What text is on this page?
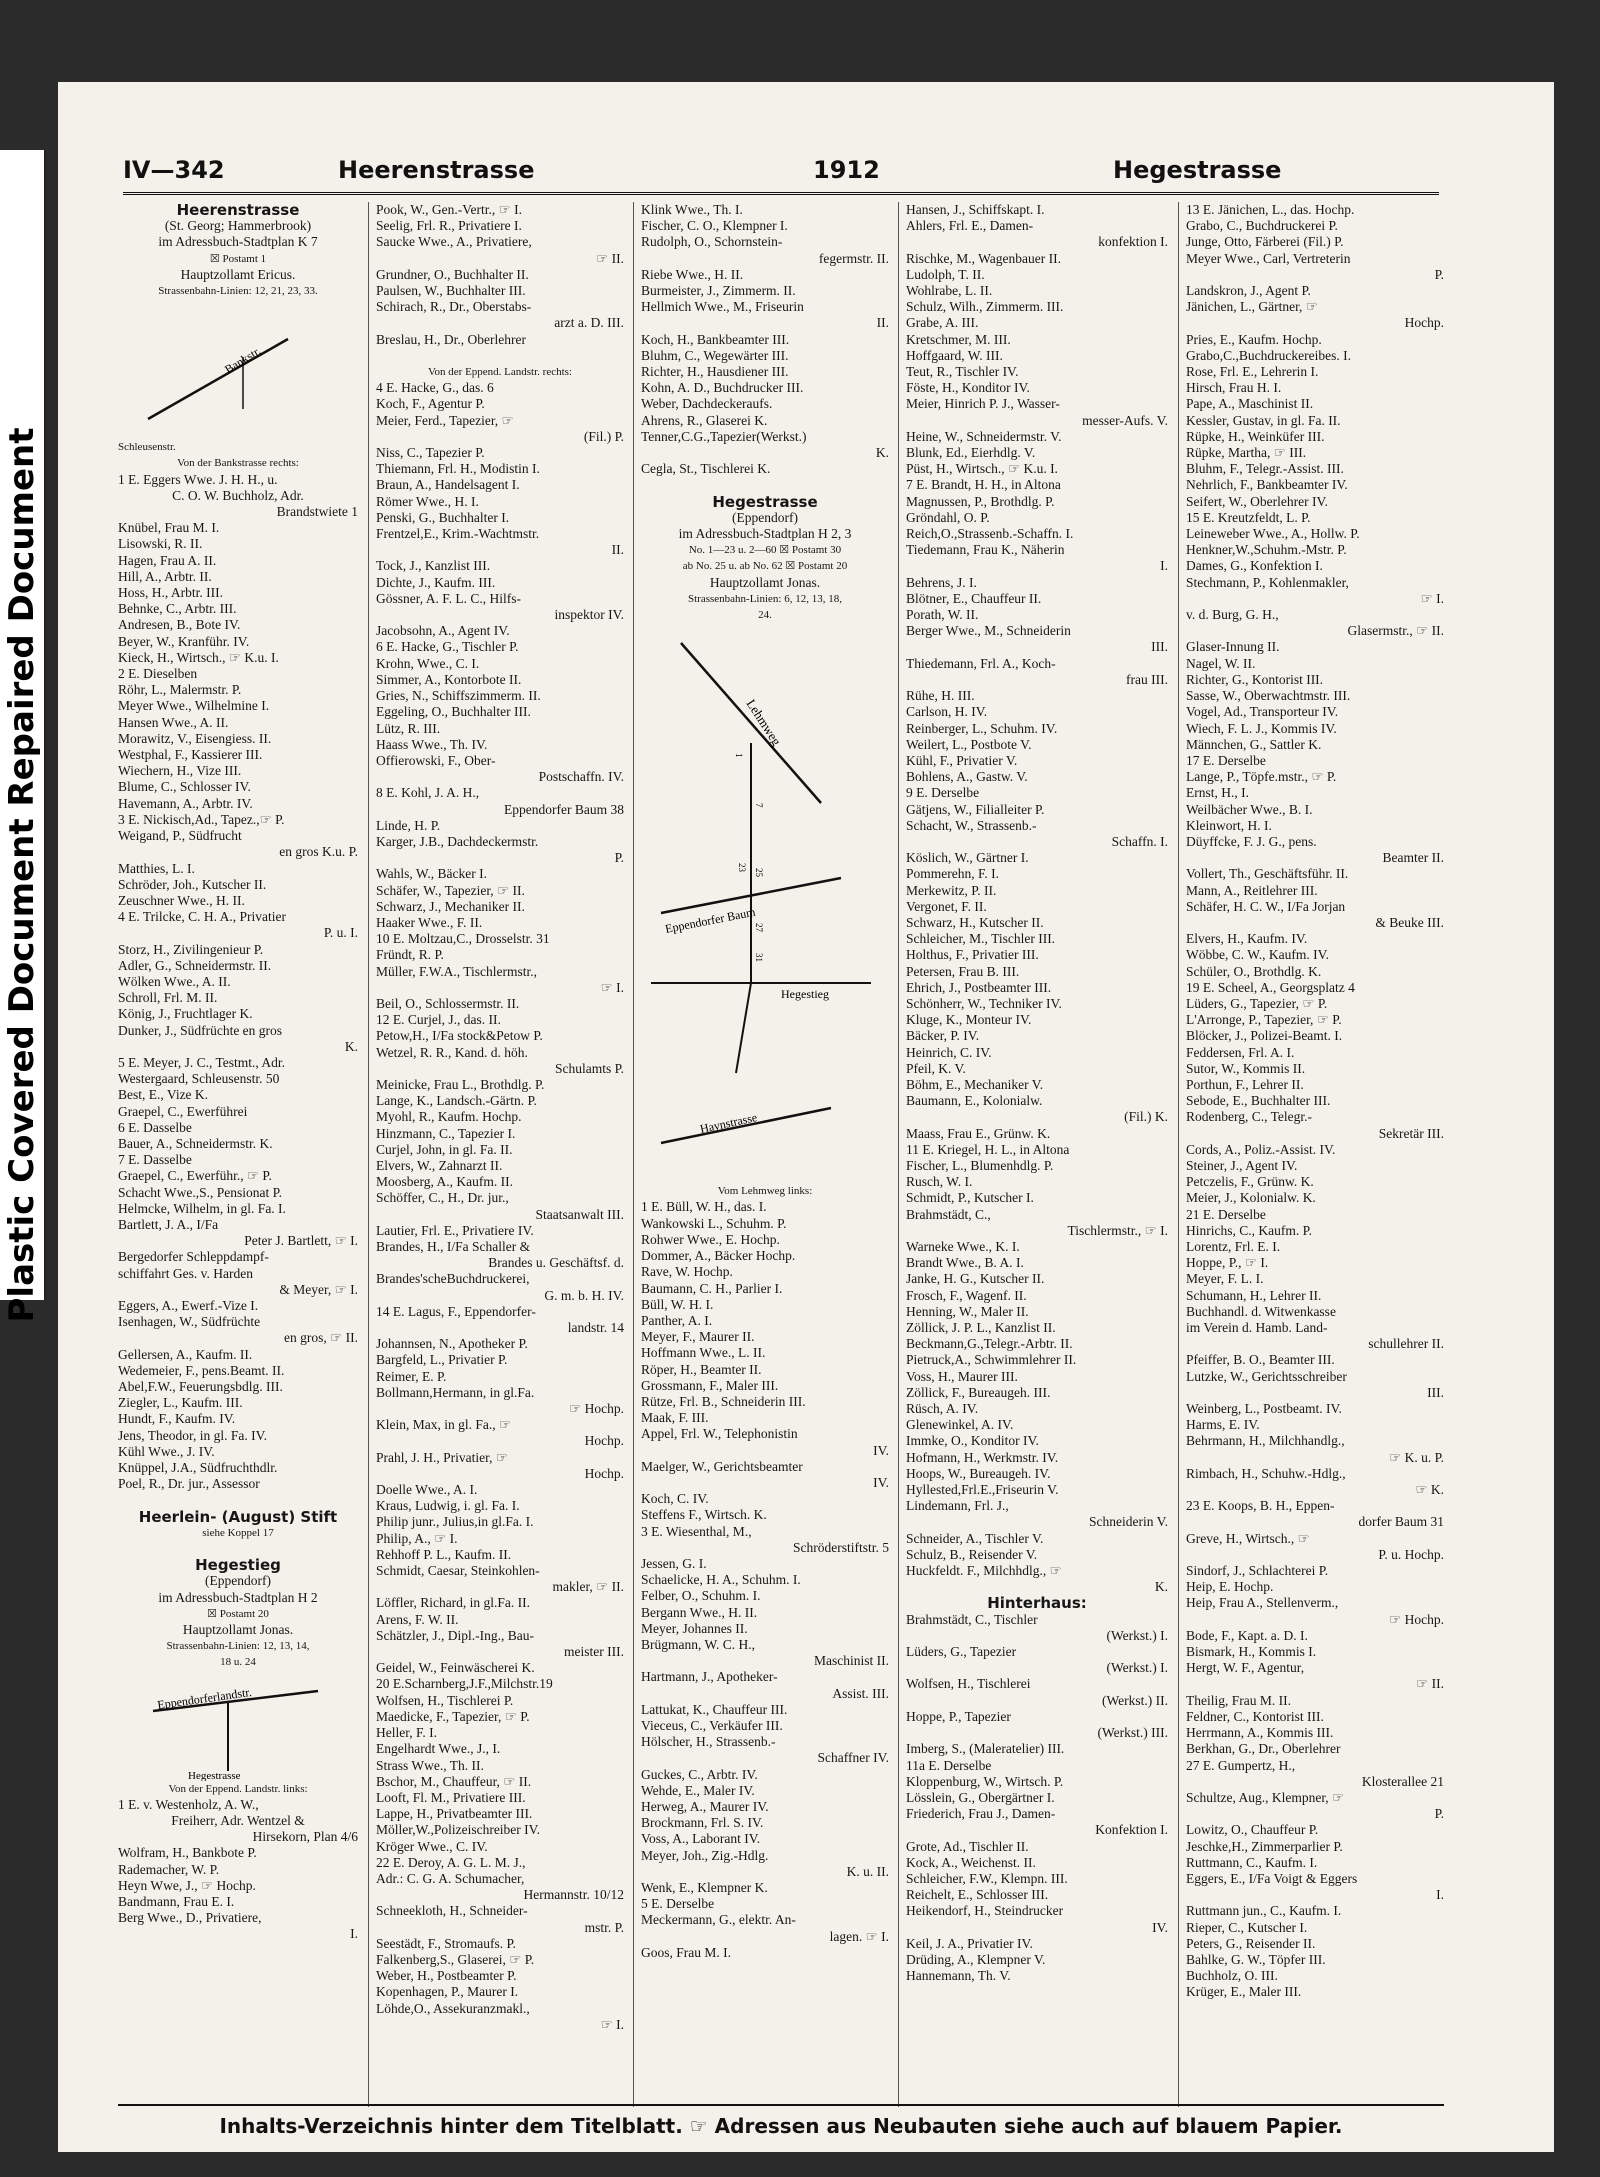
Plastic Covered Document Repaired Document
IV—342	Heerenstrasse	1912	Hegestrasse
Heerenstrasse
(St. Georg; Hammerbrook)
im Adressbuch-Stadtplan K 7
☒ Postamt 1
Hauptzollamt Ericus.
Strassenbahn-Linien: 12, 21, 23, 33.
Bankstr.
Schleusenstr.
Von der Bankstrasse rechts:
1 E. Eggers Wwe. J. H. H., u.
C. O. W. Buchholz, Adr.
Brandstwiete 1
Knübel, Frau M. I.
Lisowski, R. II.
Hagen, Frau A. II.
Hill, A., Arbtr. II.
Hoss, H., Arbtr. III.
Behnke, C., Arbtr. III.
Andresen, B., Bote IV.
Beyer, W., Kranführ. IV.
Kieck, H., Wirtsch., ☞ K.u. I.
2 E. Dieselben
Röhr, L., Malermstr. P.
Meyer Wwe., Wilhelmine I.
Hansen Wwe., A. II.
Morawitz, V., Eisengiess. II.
Westphal, F., Kassierer III.
Wiechern, H., Vize III.
Blume, C., Schlosser IV.
Havemann, A., Arbtr. IV.
3 E. Nickisch,Ad., Tapez.,☞ P.
Weigand, P., Südfrucht
en gros K.u. P.
Matthies, L. I.
Schröder, Joh., Kutscher II.
Zeuschner Wwe., H. II.
4 E. Trilcke, C. H. A., Privatier
P. u. I.
Storz, H., Zivilingenieur P.
Adler, G., Schneidermstr. II.
Wölken Wwe., A. II.
Schroll, Frl. M. II.
König, J., Fruchtlager K.
Dunker, J., Südfrüchte en gros
K.
5 E. Meyer, J. C., Testmt., Adr.
Westergaard, Schleusenstr. 50
Best, E., Vize K.
Graepel, C., Ewerführei
6 E. Dasselbe
Bauer, A., Schneidermstr. K.
7 E. Dasselbe
Graepel, C., Ewerführ., ☞ P.
Schacht Wwe.,S., Pensionat P.
Helmcke, Wilhelm, in gl. Fa. I.
Bartlett, J. A., I/Fa
Peter J. Bartlett, ☞ I.
Bergedorfer Schleppdampf-
schiffahrt Ges. v. Harden
& Meyer, ☞ I.
Eggers, A., Ewerf.-Vize I.
Isenhagen, W., Südfrüchte
en gros, ☞ II.
Gellersen, A., Kaufm. II.
Wedemeier, F., pens.Beamt. II.
Abel,F.W., Feuerungsbdlg. III.
Ziegler, L., Kaufm. III.
Hundt, F., Kaufm. IV.
Jens, Theodor, in gl. Fa. IV.
Kühl Wwe., J. IV.
Knüppel, J.A., Südfruchthdlr.
Poel, R., Dr. jur., Assessor

Heerlein- (August) Stift
siehe Koppel 17

Hegestieg
(Eppendorf)
im Adressbuch-Stadtplan H 2
☒ Postamt 20
Hauptzollamt Jonas.
Strassenbahn-Linien: 12, 13, 14,
18 u. 24
Eppendorferlandstr.
Hegestrasse
Von der Eppend. Landstr. links:
1 E. v. Westenholz, A. W.,
Freiherr, Adr. Wentzel &
Hirsekorn, Plan 4/6
Wolfram, H., Bankbote P.
Rademacher, W. P.
Heyn Wwe, J., ☞ Hochp.
Bandmann, Frau E. I.
Berg Wwe., D., Privatiere,
I.
Pook, W., Gen.-Vertr., ☞ I.
Seelig, Frl. R., Privatiere I.
Saucke Wwe., A., Privatiere,
☞ II.
Grundner, O., Buchhalter II.
Paulsen, W., Buchhalter III.
Schirach, R., Dr., Oberstabs-
arzt a. D. III.
Breslau, H., Dr., Oberlehrer

Von der Eppend. Landstr. rechts:
4 E. Hacke, G., das. 6
Koch, F., Agentur P.
Meier, Ferd., Tapezier, ☞
(Fil.) P.
Niss, C., Tapezier P.
Thiemann, Frl. H., Modistin I.
Braun, A., Handelsagent I.
Römer Wwe., H. I.
Penski, G., Buchhalter I.
Frentzel,E., Krim.-Wachtmstr.
II.
Tock, J., Kanzlist III.
Dichte, J., Kaufm. III.
Gössner, A. F. L. C., Hilfs-
inspektor IV.
Jacobsohn, A., Agent IV.
6 E. Hacke, G., Tischler P.
Krohn, Wwe., C. I.
Simmer, A., Kontorbote II.
Gries, N., Schiffszimmerm. II.
Eggeling, O., Buchhalter III.
Lütz, R. III.
Haass Wwe., Th. IV.
Offierowski, F., Ober-
Postschaffn. IV.
8 E. Kohl, J. A. H.,
Eppendorfer Baum 38
Linde, H. P.
Karger, J.B., Dachdeckermstr.
P.
Wahls, W., Bäcker I.
Schäfer, W., Tapezier, ☞ II.
Schwarz, J., Mechaniker II.
Haaker Wwe., F. II.
10 E. Moltzau,C., Drosselstr. 31
Fründt, R. P.
Müller, F.W.A., Tischlermstr.,
☞ I.
Beil, O., Schlossermstr. II.
12 E. Curjel, J., das. II.
Petow,H., I/Fa stock&Petow P.
Wetzel, R. R., Kand. d. höh.
Schulamts P.
Meinicke, Frau L., Brothdlg. P.
Lange, K., Landsch.-Gärtn. P.
Myohl, R., Kaufm. Hochp.
Hinzmann, C., Tapezier I.
Curjel, John, in gl. Fa. II.
Elvers, W., Zahnarzt II.
Moosberg, A., Kaufm. II.
Schöffer, C., H., Dr. jur.,
Staatsanwalt III.
Lautier, Frl. E., Privatiere IV.
Brandes, H., I/Fa Schaller &
Brandes u. Geschäftsf. d.
Brandes'scheBuchdruckerei,
G. m. b. H. IV.
14 E. Lagus, F., Eppendorfer-
landstr. 14
Johannsen, N., Apotheker P.
Bargfeld, L., Privatier P.
Reimer, E. P.
Bollmann,Hermann, in gl.Fa.
☞ Hochp.
Klein, Max, in gl. Fa., ☞
Hochp.
Prahl, J. H., Privatier, ☞
Hochp.
Doelle Wwe., A. I.
Kraus, Ludwig, i. gl. Fa. I.
Philip junr., Julius,in gl.Fa. I.
Philip, A., ☞ I.
Rehhoff P. L., Kaufm. II.
Schmidt, Caesar, Steinkohlen-
makler, ☞ II.
Löffler, Richard, in gl.Fa. II.
Arens, F. W. II.
Schätzler, J., Dipl.-Ing., Bau-
meister III.
Geidel, W., Feinwäscherei K.
20 E.Scharnberg,J.F.,Milchstr.19
Wolfsen, H., Tischlerei P.
Maedicke, F., Tapezier, ☞ P.
Heller, F. I.
Engelhardt Wwe., J., I.
Strass Wwe., Th. II.
Bschor, M., Chauffeur, ☞ II.
Looft, Fl. M., Privatiere III.
Lappe, H., Privatbeamter III.
Möller,W.,Polizeischreiber IV.
Kröger Wwe., C. IV.
22 E. Deroy, A. G. L. M. J.,
Adr.: C. G. A. Schumacher,
Hermannstr. 10/12
Schneekloth, H., Schneider-
mstr. P.
Seestädt, F., Stromaufs. P.
Falkenberg,S., Glaserei, ☞ P.
Weber, H., Postbeamter P.
Kopenhagen, P., Maurer I.
Löhde,O., Assekuranzmakl.,
☞ I.
Klink Wwe., Th. I.
Fischer, C. O., Klempner I.
Rudolph, O., Schornstein-
fegermstr. II.
Riebe Wwe., H. II.
Burmeister, J., Zimmerm. II.
Hellmich Wwe., M., Friseurin
II.
Koch, H., Bankbeamter III.
Bluhm, C., Wegewärter III.
Richter, H., Hausdiener III.
Kohn, A. D., Buchdrucker III.
Weber, Dachdeckeraufs.
Ahrens, R., Glaserei K.
Tenner,C.G.,Tapezier(Werkst.)
K.
Cegla, St., Tischlerei K.

Hegestrasse
(Eppendorf)
im Adressbuch-Stadtplan H 2, 3
No. 1—23 u. 2—60 ☒ Postamt 30
ab No. 25 u. ab No. 62 ☒ Postamt 20
Hauptzollamt Jonas.
Strassenbahn-Linien: 6, 12, 13, 18,
24.
Lehmweg
Eppendorfer Baum
Hegestieg
Haynstrasse
1
7
23
25
27
31
Vom Lehmweg links:
1 E. Büll, W. H., das. I.
Wankowski L., Schuhm. P.
Rohwer Wwe., E. Hochp.
Dommer, A., Bäcker Hochp.
Rave, W. Hochp.
Baumann, C. H., Parlier I.
Büll, W. H. I.
Panther, A. I.
Meyer, F., Maurer II.
Hoffmann Wwe., L. II.
Röper, H., Beamter II.
Grossmann, F., Maler III.
Rütze, Frl. B., Schneiderin III.
Maak, F. III.
Appel, Frl. W., Telephonistin
IV.
Maelger, W., Gerichtsbeamter
IV.
Koch, C. IV.
Steffens F., Wirtsch. K.
3 E. Wiesenthal, M.,
Schröderstiftstr. 5
Jessen, G. I.
Schaelicke, H. A., Schuhm. I.
Felber, O., Schuhm. I.
Bergann Wwe., H. II.
Meyer, Johannes II.
Brügmann, W. C. H.,
Maschinist II.
Hartmann, J., Apotheker-
Assist. III.
Lattukat, K., Chauffeur III.
Vieceus, C., Verkäufer III.
Hölscher, H., Strassenb.-
Schaffner IV.
Guckes, C., Arbtr. IV.
Wehde, E., Maler IV.
Herweg, A., Maurer IV.
Brockmann, Frl. S. IV.
Voss, A., Laborant IV.
Meyer, Joh., Zig.-Hdlg.
K. u. II.
Wenk, E., Klempner K.
5 E. Derselbe
Meckermann, G., elektr. An-
lagen. ☞ I.
Goos, Frau M. I.
Hansen, J., Schiffskapt. I.
Ahlers, Frl. E., Damen-
konfektion I.
Rischke, M., Wagenbauer II.
Ludolph, T. II.
Wohlrabe, L. II.
Schulz, Wilh., Zimmerm. III.
Grabe, A. III.
Kretschmer, M. III.
Hoffgaard, W. III.
Teut, R., Tischler IV.
Föste, H., Konditor IV.
Meier, Hinrich P. J., Wasser-
messer-Aufs. V.
Heine, W., Schneidermstr. V.
Blunk, Ed., Eierhdlg. V.
Püst, H., Wirtsch., ☞ K.u. I.
7 E. Brandt, H. H., in Altona
Magnussen, P., Brothdlg. P.
Gröndahl, O. P.
Reich,O.,Strassenb.-Schaffn. I.
Tiedemann, Frau K., Näherin
I.
Behrens, J. I.
Blötner, E., Chauffeur II.
Porath, W. II.
Berger Wwe., M., Schneiderin
III.
Thiedemann, Frl. A., Koch-
frau III.
Rühe, H. III.
Carlson, H. IV.
Reinberger, L., Schuhm. IV.
Weilert, L., Postbote V.
Kühl, F., Privatier V.
Bohlens, A., Gastw. V.
9 E. Derselbe
Gätjens, W., Filialleiter P.
Schacht, W., Strassenb.-
Schaffn. I.
Köslich, W., Gärtner I.
Pommerehn, F. I.
Merkewitz, P. II.
Vergonet, F. II.
Schwarz, H., Kutscher II.
Schleicher, M., Tischler III.
Holthus, F., Privatier III.
Petersen, Frau B. III.
Ehrich, J., Postbeamter III.
Schönherr, W., Techniker IV.
Kluge, K., Monteur IV.
Bäcker, P. IV.
Heinrich, C. IV.
Pfeil, K. V.
Böhm, E., Mechaniker V.
Baumann, E., Kolonialw.
(Fil.) K.
Maass, Frau E., Grünw. K.
11 E. Kriegel, H. L., in Altona
Fischer, L., Blumenhdlg. P.
Rusch, W. I.
Schmidt, P., Kutscher I.
Brahmstädt, C.,
Tischlermstr., ☞ I.
Warneke Wwe., K. I.
Brandt Wwe., B. A. I.
Janke, H. G., Kutscher II.
Frosch, F., Wagenf. II.
Henning, W., Maler II.
Zöllick, J. P. L., Kanzlist II.
Beckmann,G.,Telegr.-Arbtr. II.
Pietruck,A., Schwimmlehrer II.
Voss, H., Maurer III.
Zöllick, F., Bureaugeh. III.
Rüsch, A. IV.
Glenewinkel, A. IV.
Immke, O., Konditor IV.
Hofmann, H., Werkmstr. IV.
Hoops, W., Bureaugeh. IV.
Hyllested,Frl.E.,Friseurin V.
Lindemann, Frl. J.,
Schneiderin V.
Schneider, A., Tischler V.
Schulz, B., Reisender V.
Huckfeldt. F., Milchhdlg., ☞
K.
Hinterhaus:
Brahmstädt, C., Tischler
(Werkst.) I.
Lüders, G., Tapezier
(Werkst.) I.
Wolfsen, H., Tischlerei
(Werkst.) II.
Hoppe, P., Tapezier
(Werkst.) III.
Imberg, S., (Maleratelier) III.
11a E. Derselbe
Kloppenburg, W., Wirtsch. P.
Lösslein, G., Obergärtner I.
Friederich, Frau J., Damen-
Konfektion I.
Grote, Ad., Tischler II.
Kock, A., Weichenst. II.
Schleicher, F.W., Klempn. III.
Reichelt, E., Schlosser III.
Heikendorf, H., Steindrucker
IV.
Keil, J. A., Privatier IV.
Drüding, A., Klempner V.
Hannemann, Th. V.
13 E. Jänichen, L., das. Hochp.
Grabo, C., Buchdruckerei P.
Junge, Otto, Färberei (Fil.) P.
Meyer Wwe., Carl, Vertreterin
P.
Landskron, J., Agent P.
Jänichen, L., Gärtner, ☞
Hochp.
Pries, E., Kaufm. Hochp.
Grabo,C.,Buchdruckereibes. I.
Rose, Frl. E., Lehrerin I.
Hirsch, Frau H. I.
Pape, A., Maschinist II.
Kessler, Gustav, in gl. Fa. II.
Rüpke, H., Weinküfer III.
Rüpke, Martha, ☞ III.
Bluhm, F., Telegr.-Assist. III.
Nehrlich, F., Bankbeamter IV.
Seifert, W., Oberlehrer IV.
15 E. Kreutzfeldt, L. P.
Leineweber Wwe., A., Hollw. P.
Henkner,W.,Schuhm.-Mstr. P.
Dames, G., Konfektion I.
Stechmann, P., Kohlenmakler,
☞ I.
v. d. Burg, G. H.,
Glasermstr., ☞ II.
Glaser-Innung II.
Nagel, W. II.
Richter, G., Kontorist III.
Sasse, W., Oberwachtmstr. III.
Vogel, Ad., Transporteur IV.
Wiech, F. L. J., Kommis IV.
Männchen, G., Sattler K.
17 E. Derselbe
Lange, P., Töpfe.mstr., ☞ P.
Ernst, H., I.
Weilbächer Wwe., B. I.
Kleinwort, H. I.
Düyffcke, F. J. G., pens.
Beamter II.
Vollert, Th., Geschäftsführ. II.
Mann, A., Reitlehrer III.
Schäfer, H. C. W., I/Fa Jorjan
& Beuke III.
Elvers, H., Kaufm. IV.
Wöbbe, C. W., Kaufm. IV.
Schüler, O., Brothdlg. K.
19 E. Scheel, A., Georgsplatz 4
Lüders, G., Tapezier, ☞ P.
L'Arronge, P., Tapezier, ☞ P.
Blöcker, J., Polizei-Beamt. I.
Feddersen, Frl. A. I.
Sutor, W., Kommis II.
Porthun, F., Lehrer II.
Sebode, E., Buchhalter III.
Rodenberg, C., Telegr.-
Sekretär III.
Cords, A., Poliz.-Assist. IV.
Steiner, J., Agent IV.
Petczelis, F., Grünw. K.
Meier, J., Kolonialw. K.
21 E. Derselbe
Hinrichs, C., Kaufm. P.
Lorentz, Frl. E. I.
Hoppe, P., ☞ I.
Meyer, F. L. I.
Schumann, H., Lehrer II.
Buchhandl. d. Witwenkasse
im Verein d. Hamb. Land-
schullehrer II.
Pfeiffer, B. O., Beamter III.
Lutzke, W., Gerichtsschreiber
III.
Weinberg, L., Postbeamt. IV.
Harms, E. IV.
Behrmann, H., Milchhandlg.,
☞ K. u. P.
Rimbach, H., Schuhw.-Hdlg.,
☞ K.
23 E. Koops, B. H., Eppen-
dorfer Baum 31
Greve, H., Wirtsch., ☞
P. u. Hochp.
Sindorf, J., Schlachterei P.
Heip, E. Hochp.
Heip, Frau A., Stellenverm.,
☞ Hochp.
Bode, F., Kapt. a. D. I.
Bismark, H., Kommis I.
Hergt, W. F., Agentur,
☞ II.
Theilig, Frau M. II.
Feldner, C., Kontorist III.
Herrmann, A., Kommis III.
Berkhan, G., Dr., Oberlehrer
27 E. Gumpertz, H.,
Klosterallee 21
Schultze, Aug., Klempner, ☞
P.
Lowitz, O., Chauffeur P.
Jeschke,H., Zimmerparlier P.
Ruttmann, C., Kaufm. I.
Eggers, E., I/Fa Voigt & Eggers
I.
Ruttmann jun., C., Kaufm. I.
Rieper, C., Kutscher I.
Peters, G., Reisender II.
Bahlke, G. W., Töpfer III.
Buchholz, O. III.
Krüger, E., Maler III.
Inhalts-Verzeichnis hinter dem Titelblatt. ☞ Adressen aus Neubauten siehe auch auf blauem Papier.
